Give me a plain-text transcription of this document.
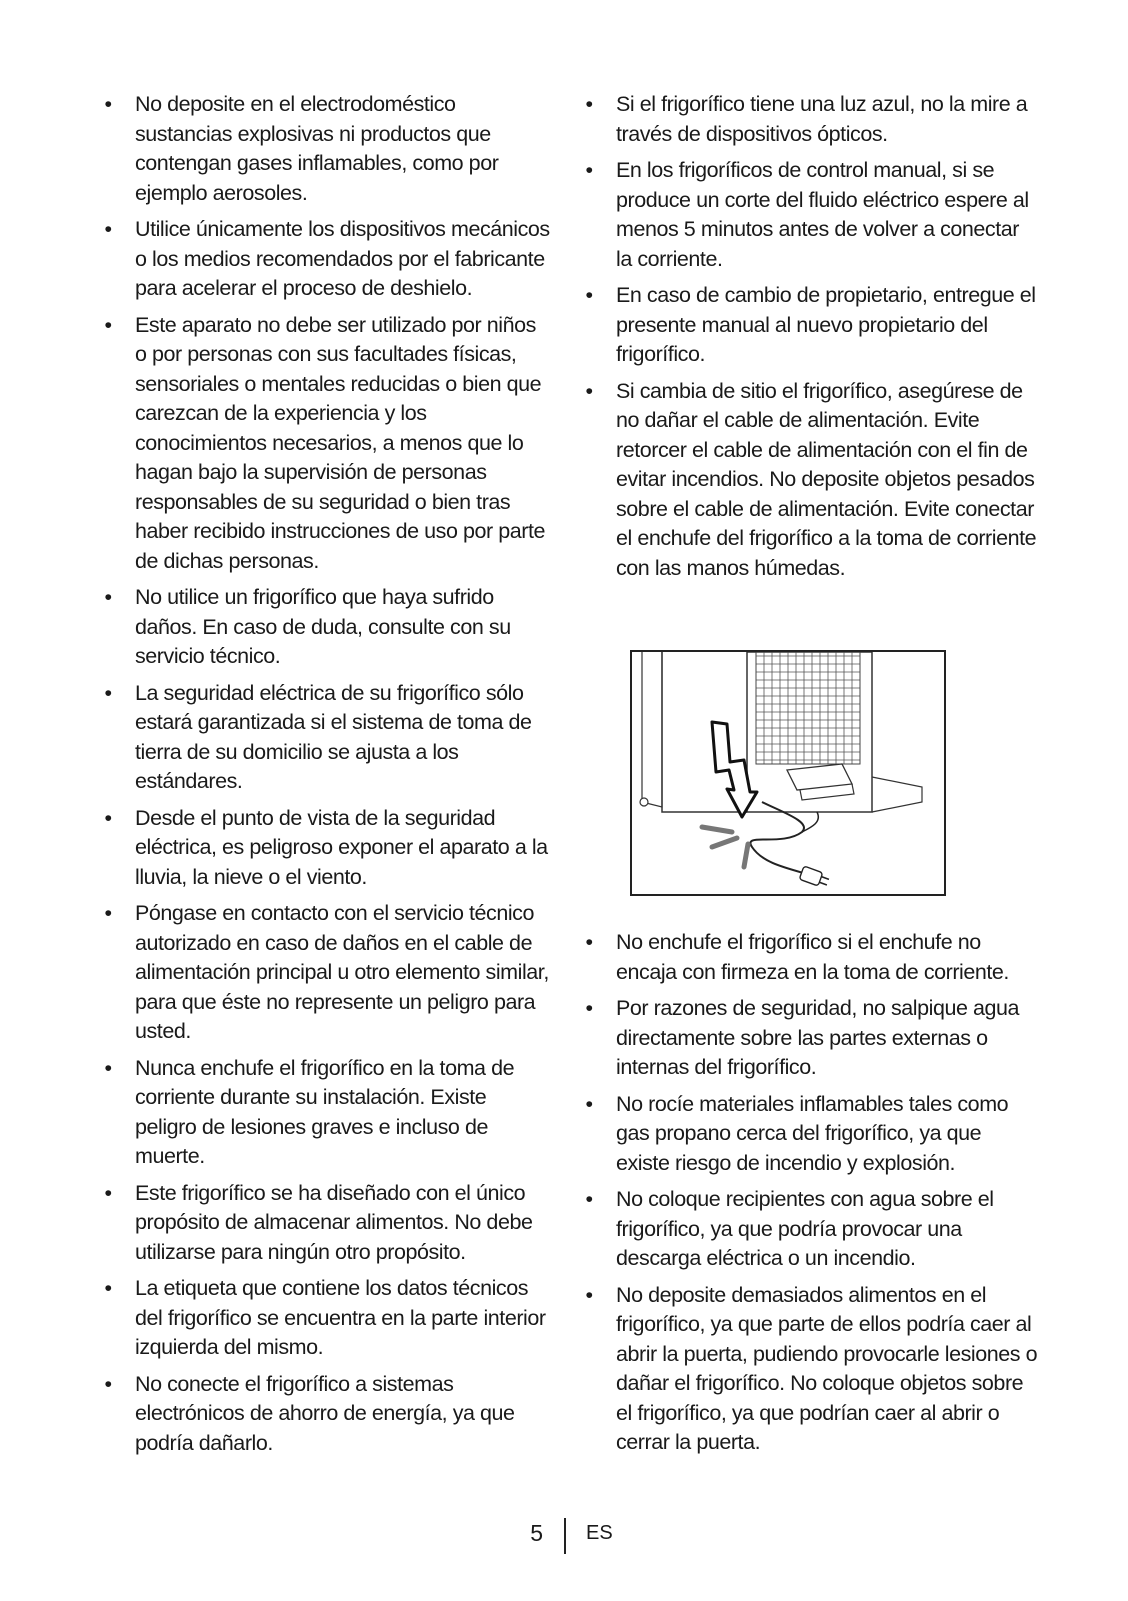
•	No deposite en el electrodoméstico sustancias explosivas ni productos que contengan gases inflamables, como por ejemplo aerosoles.
•	Utilice únicamente los dispositivos mecánicos o los medios recomendados por el fabricante para acelerar el proceso de deshielo.
•	Este aparato no debe ser utilizado por niños o por personas con sus facultades físicas, sensoriales o mentales reducidas o bien que carezcan de la experiencia y los conocimientos necesarios, a menos que lo hagan bajo la supervisión de personas responsables de su seguridad o bien tras haber recibido instrucciones de uso por parte de dichas personas.
•	No utilice un frigorífico que haya sufrido daños. En caso de duda, consulte con su servicio técnico.
•	La seguridad eléctrica de su frigorífico sólo estará garantizada si el sistema de toma de tierra de su domicilio se ajusta a los estándares.
•	Desde el punto de vista de la seguridad eléctrica, es peligroso exponer el aparato a la lluvia, la nieve o el viento.
•	Póngase en contacto con el servicio técnico autorizado en caso de daños en el cable de alimentación principal u otro elemento similar, para que éste no represente un peligro para usted.
•	Nunca enchufe el frigorífico en la toma de corriente durante su instalación. Existe peligro de lesiones graves e incluso de muerte.
•	Este frigorífico se ha diseñado con el único propósito de almacenar alimentos. No debe utilizarse para ningún otro propósito.
•	La etiqueta que contiene los datos técnicos del frigorífico se encuentra en la parte interior izquierda del mismo.
•	No conecte el frigorífico a sistemas electrónicos de ahorro de energía, ya que podría dañarlo.
•	Si el frigorífico tiene una luz azul, no la mire a través de dispositivos ópticos.
•	En los frigoríficos de control manual, si se produce un corte del fluido eléctrico espere al menos 5 minutos antes de volver a conectar la corriente.
•	En caso de cambio de propietario, entregue el presente manual al nuevo propietario del frigorífico.
•	Si cambia de sitio el frigorífico, asegúrese de no dañar el cable de alimentación. Evite retorcer el cable de alimentación con el fin de evitar incendios. No deposite objetos pesados sobre el cable de alimentación. Evite conectar el enchufe del frigorífico a la toma de corriente con las manos húmedas.
•	No enchufe el frigorífico si el enchufe no encaja con firmeza en la toma de corriente.
•	Por razones de seguridad, no salpique agua directamente sobre las partes externas o internas del frigorífico.
•	No rocíe materiales inflamables tales como gas propano cerca del frigorífico, ya que existe riesgo de incendio y explosión.
•	No coloque recipientes con agua sobre el frigorífico, ya que podría provocar una descarga eléctrica o un incendio.
•	No deposite demasiados alimentos en el frigorífico, ya que parte de ellos podría caer al abrir la puerta, pudiendo provocarle lesiones o dañar el frigorífico. No coloque objetos sobre el frigorífico, ya que podrían caer al abrir o cerrar la puerta.
5 ES
